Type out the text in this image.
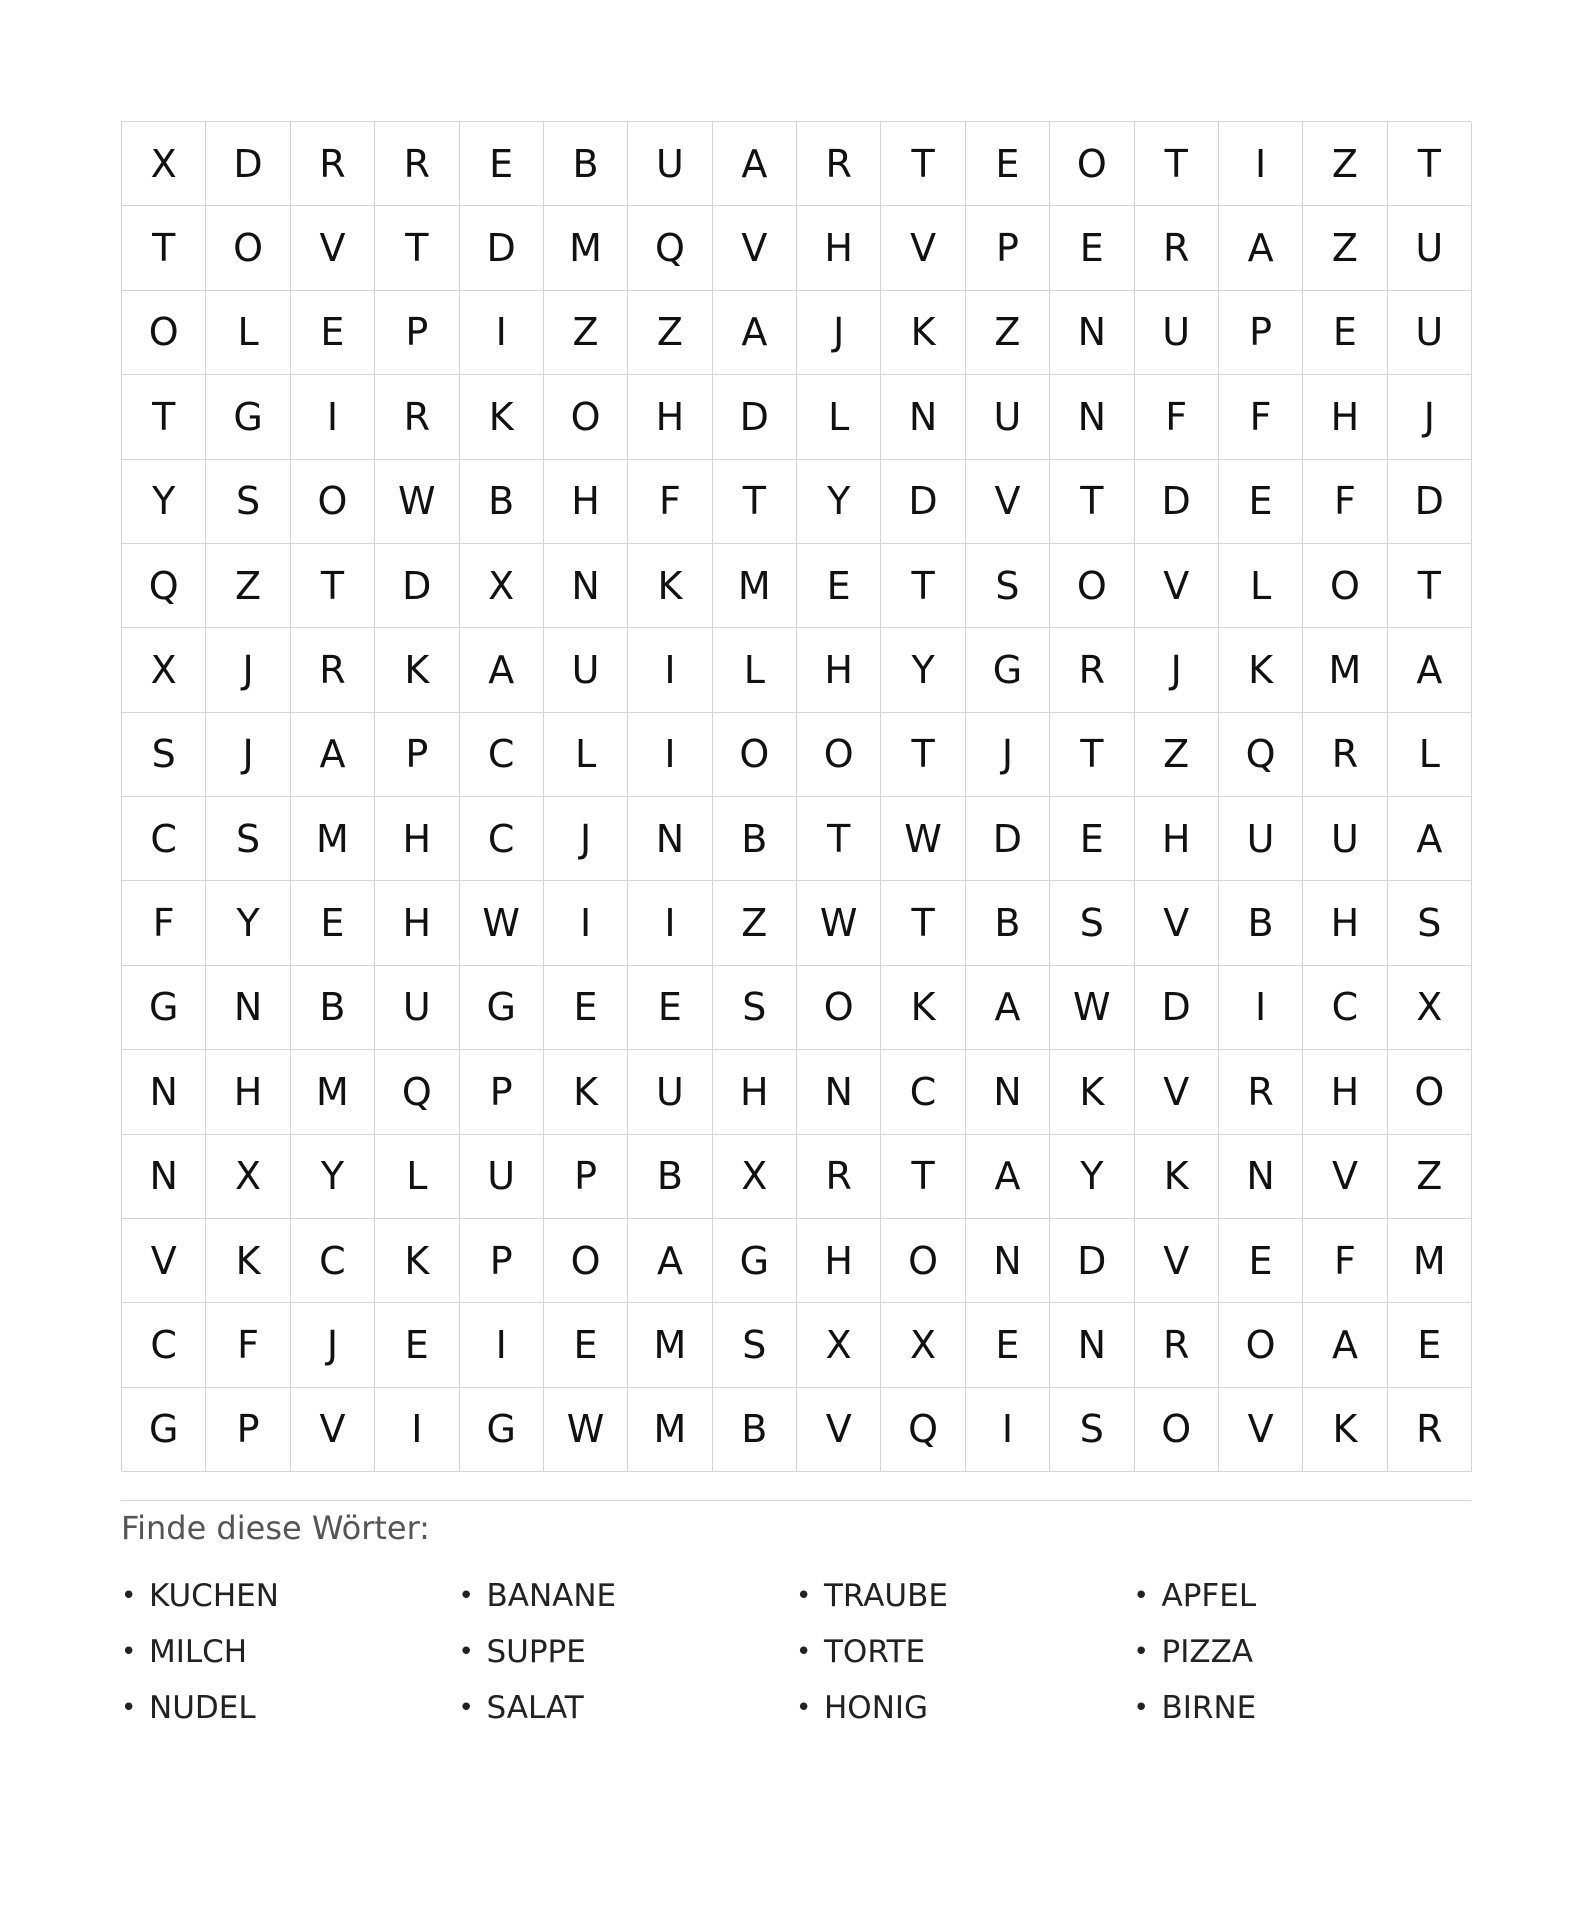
X	D	R	R	E	B	U	A	R	T	E	O	T	I	Z	T
T	O	V	T	D	M	Q	V	H	V	P	E	R	A	Z	U
O	L	E	P	I	Z	Z	A	J	K	Z	N	U	P	E	U
T	G	I	R	K	O	H	D	L	N	U	N	F	F	H	J
Y	S	O	W	B	H	F	T	Y	D	V	T	D	E	F	D
Q	Z	T	D	X	N	K	M	E	T	S	O	V	L	O	T
X	J	R	K	A	U	I	L	H	Y	G	R	J	K	M	A
S	J	A	P	C	L	I	O	O	T	J	T	Z	Q	R	L
C	S	M	H	C	J	N	B	T	W	D	E	H	U	U	A
F	Y	E	H	W	I	I	Z	W	T	B	S	V	B	H	S
G	N	B	U	G	E	E	S	O	K	A	W	D	I	C	X
N	H	M	Q	P	K	U	H	N	C	N	K	V	R	H	O
N	X	Y	L	U	P	B	X	R	T	A	Y	K	N	V	Z
V	K	C	K	P	O	A	G	H	O	N	D	V	E	F	M
C	F	J	E	I	E	M	S	X	X	E	N	R	O	A	E
G	P	V	I	G	W	M	B	V	Q	I	S	O	V	K	R
Finde diese Wörter:
• KUCHEN	• BANANE	• TRAUBE	• APFEL
• MILCH	• SUPPE	• TORTE	• PIZZA
• NUDEL	• SALAT	• HONIG	• BIRNE
